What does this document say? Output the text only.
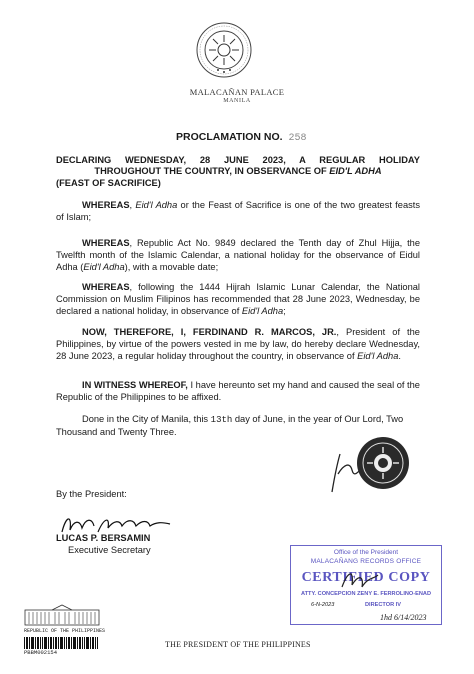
MALACAÑAN PALACE
MANILA
PROCLAMATION NO. 258
DECLARING WEDNESDAY, 28 JUNE 2023, A REGULAR HOLIDAY
THROUGHOUT THE COUNTRY, IN OBSERVANCE OF EID'L ADHA
(FEAST OF SACRIFICE)
WHEREAS, Eid'l Adha or the Feast of Sacrifice is one of the two greatest feasts of Islam;
WHEREAS, Republic Act No. 9849 declared the Tenth day of Zhul Hijja, the Twelfth month of the Islamic Calendar, a national holiday for the observance of Eidul Adha (Eid'l Adha), with a movable date;
WHEREAS, following the 1444 Hijrah Islamic Lunar Calendar, the National Commission on Muslim Filipinos has recommended that 28 June 2023, Wednesday, be declared a national holiday, in observance of Eid'l Adha;
NOW, THEREFORE, I, FERDINAND R. MARCOS, JR., President of the Philippines, by virtue of the powers vested in me by law, do hereby declare Wednesday, 28 June 2023, a regular holiday throughout the country, in observance of Eid'l Adha.
IN WITNESS WHEREOF, I have hereunto set my hand and caused the seal of the Republic of the Philippines to be affixed.
Done in the City of Manila, this 13th day of June, in the year of Our Lord, Two Thousand and Twenty Three.
By the President:
LUCAS P. BERSAMIN
Executive Secretary	Office of the President
MALACAÑANG RECORDS OFFICE
CERTIFIED COPY
ATTY. CONCEPCION ZENY E. FERROLINO-ENAD
6-N-2023	DIRECTOR IV
1hd 6/14/2023
REPUBLIC OF THE PHILIPPINES
PBBM002154
THE PRESIDENT OF THE PHILIPPINES
